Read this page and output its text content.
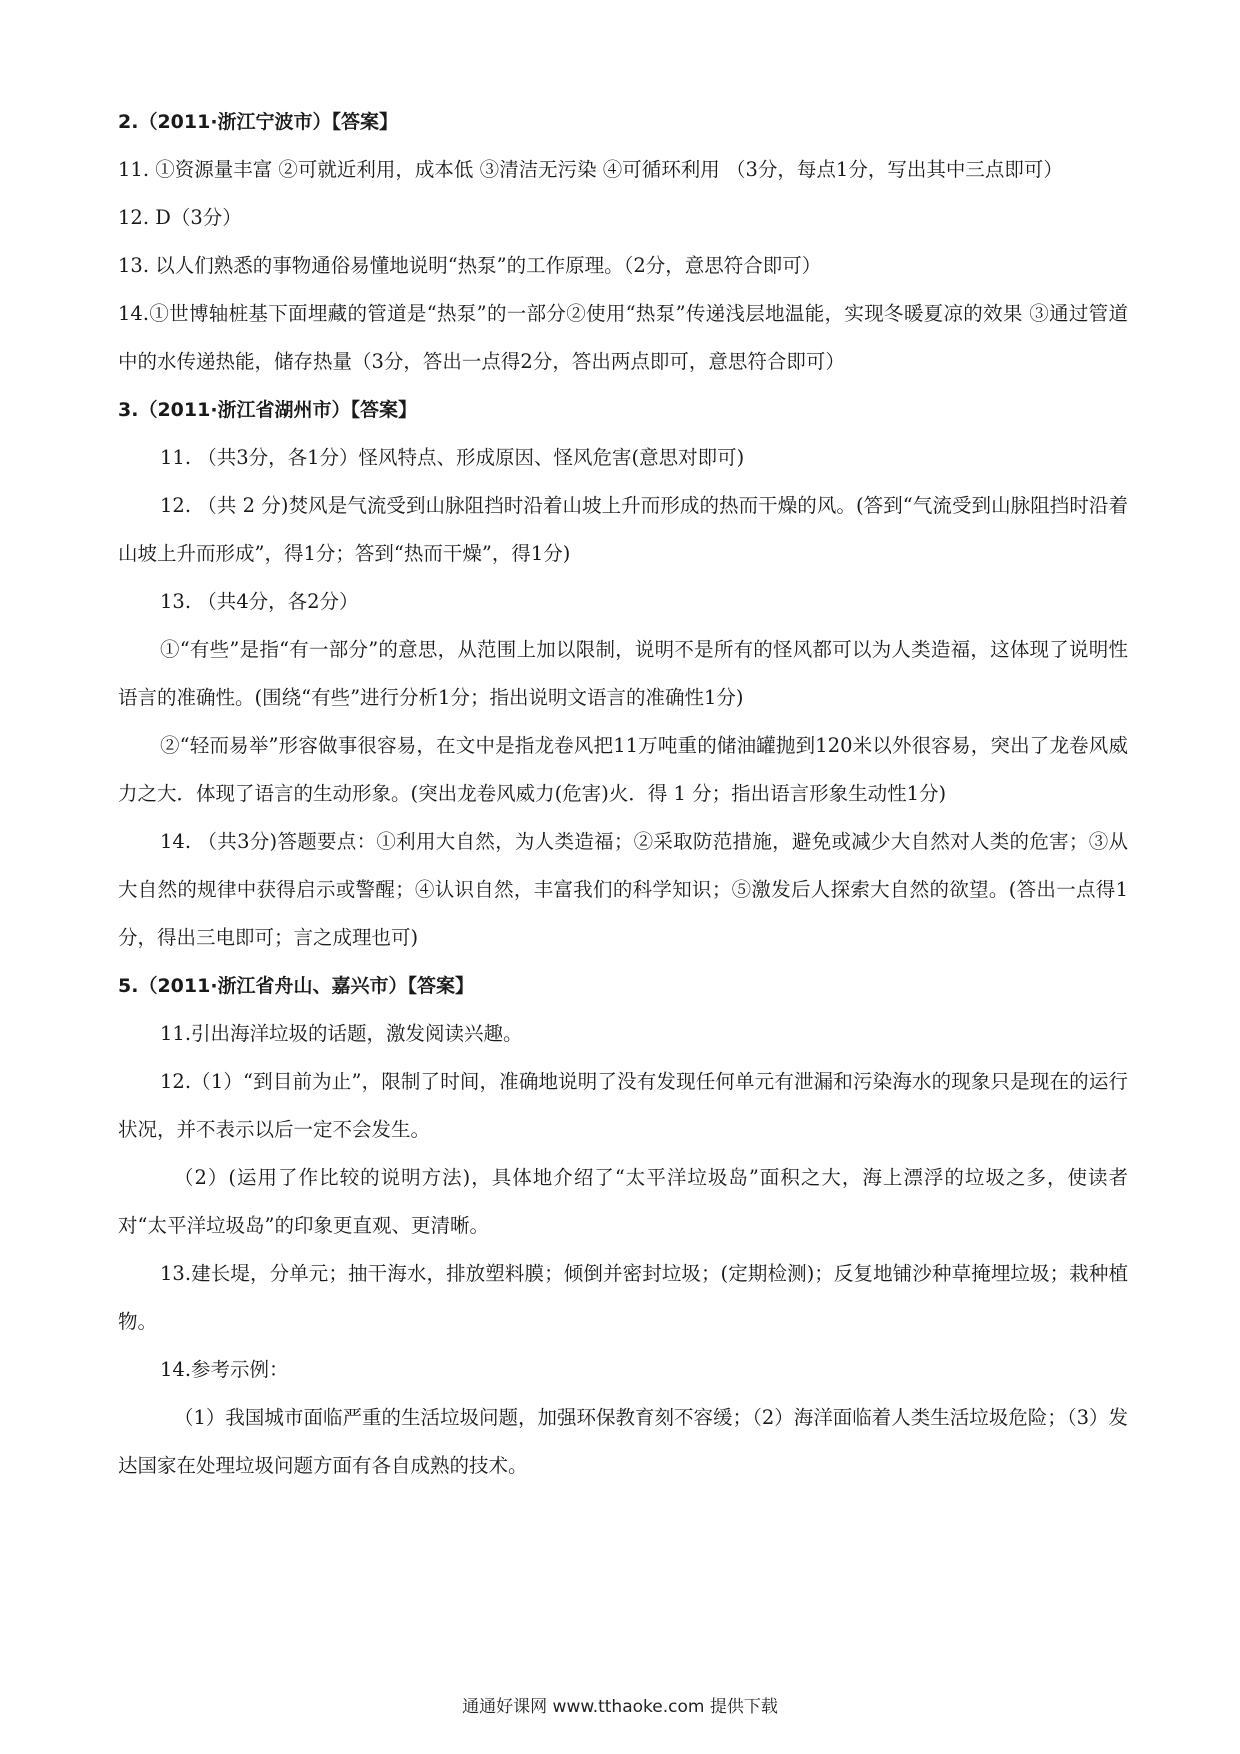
2.（2011·浙江宁波市）【答案】
11. ①资源量丰富 ②可就近利用，成本低 ③清洁无污染 ④可循环利用 （3分，每点1分，写出其中三点即可）
12. D（3分）
13. 以人们熟悉的事物通俗易懂地说明“热泵”的工作原理。（2分，意思符合即可）
14.①世博轴桩基下面埋藏的管道是“热泵”的一部分②使用“热泵”传递浅层地温能，实现冬暖夏凉的效果 ③通过管道中的水传递热能，储存热量（3分，答出一点得2分，答出两点即可，意思符合即可）
3.（2011·浙江省湖州市）【答案】
11. （共3分，各1分）怪风特点、形成原因、怪风危害(意思对即可)
12. （共 2 分)焚风是气流受到山脉阻挡时沿着山坡上升而形成的热而干燥的风。(答到“气流受到山脉阻挡时沿着山坡上升而形成”，得1分；答到“热而干燥”，得1分)
13. （共4分，各2分）
①“有些”是指“有一部分”的意思，从范围上加以限制，说明不是所有的怪风都可以为人类造福，这体现了说明性语言的准确性。(围绕“有些”进行分析1分；指出说明文语言的准确性1分)
②“轻而易举”形容做事很容易，在文中是指龙卷风把11万吨重的储油罐抛到120米以外很容易，突出了龙卷风威力之大．体现了语言的生动形象。(突出龙卷风威力(危害)火．得 1 分；指出语言形象生动性1分)
14. （共3分)答题要点：①利用大自然，为人类造福；②采取防范措施，避免或减少大自然对人类的危害；③从大自然的规律中获得启示或警醒；④认识自然，丰富我们的科学知识；⑤激发后人探索大自然的欲望。(答出一点得1分，得出三电即可；言之成理也可)
5.（2011·浙江省舟山、嘉兴市）【答案】
11.引出海洋垃圾的话题，激发阅读兴趣。
12.（1）“到目前为止”，限制了时间，准确地说明了没有发现任何单元有泄漏和污染海水的现象只是现在的运行状况，并不表示以后一定不会发生。
（2）(运用了作比较的说明方法)，具体地介绍了“太平洋垃圾岛”面积之大，海上漂浮的垃圾之多，使读者对“太平洋垃圾岛”的印象更直观、更清晰。
13.建长堤，分单元；抽干海水，排放塑料膜；倾倒并密封垃圾；(定期检测)；反复地铺沙种草掩埋垃圾；栽种植物。
14.参考示例：
（1）我国城市面临严重的生活垃圾问题，加强环保教育刻不容缓；（2）海洋面临着人类生活垃圾危险；（3）发达国家在处理垃圾问题方面有各自成熟的技术。
通通好课网 www.tthaoke.com 提供下载
